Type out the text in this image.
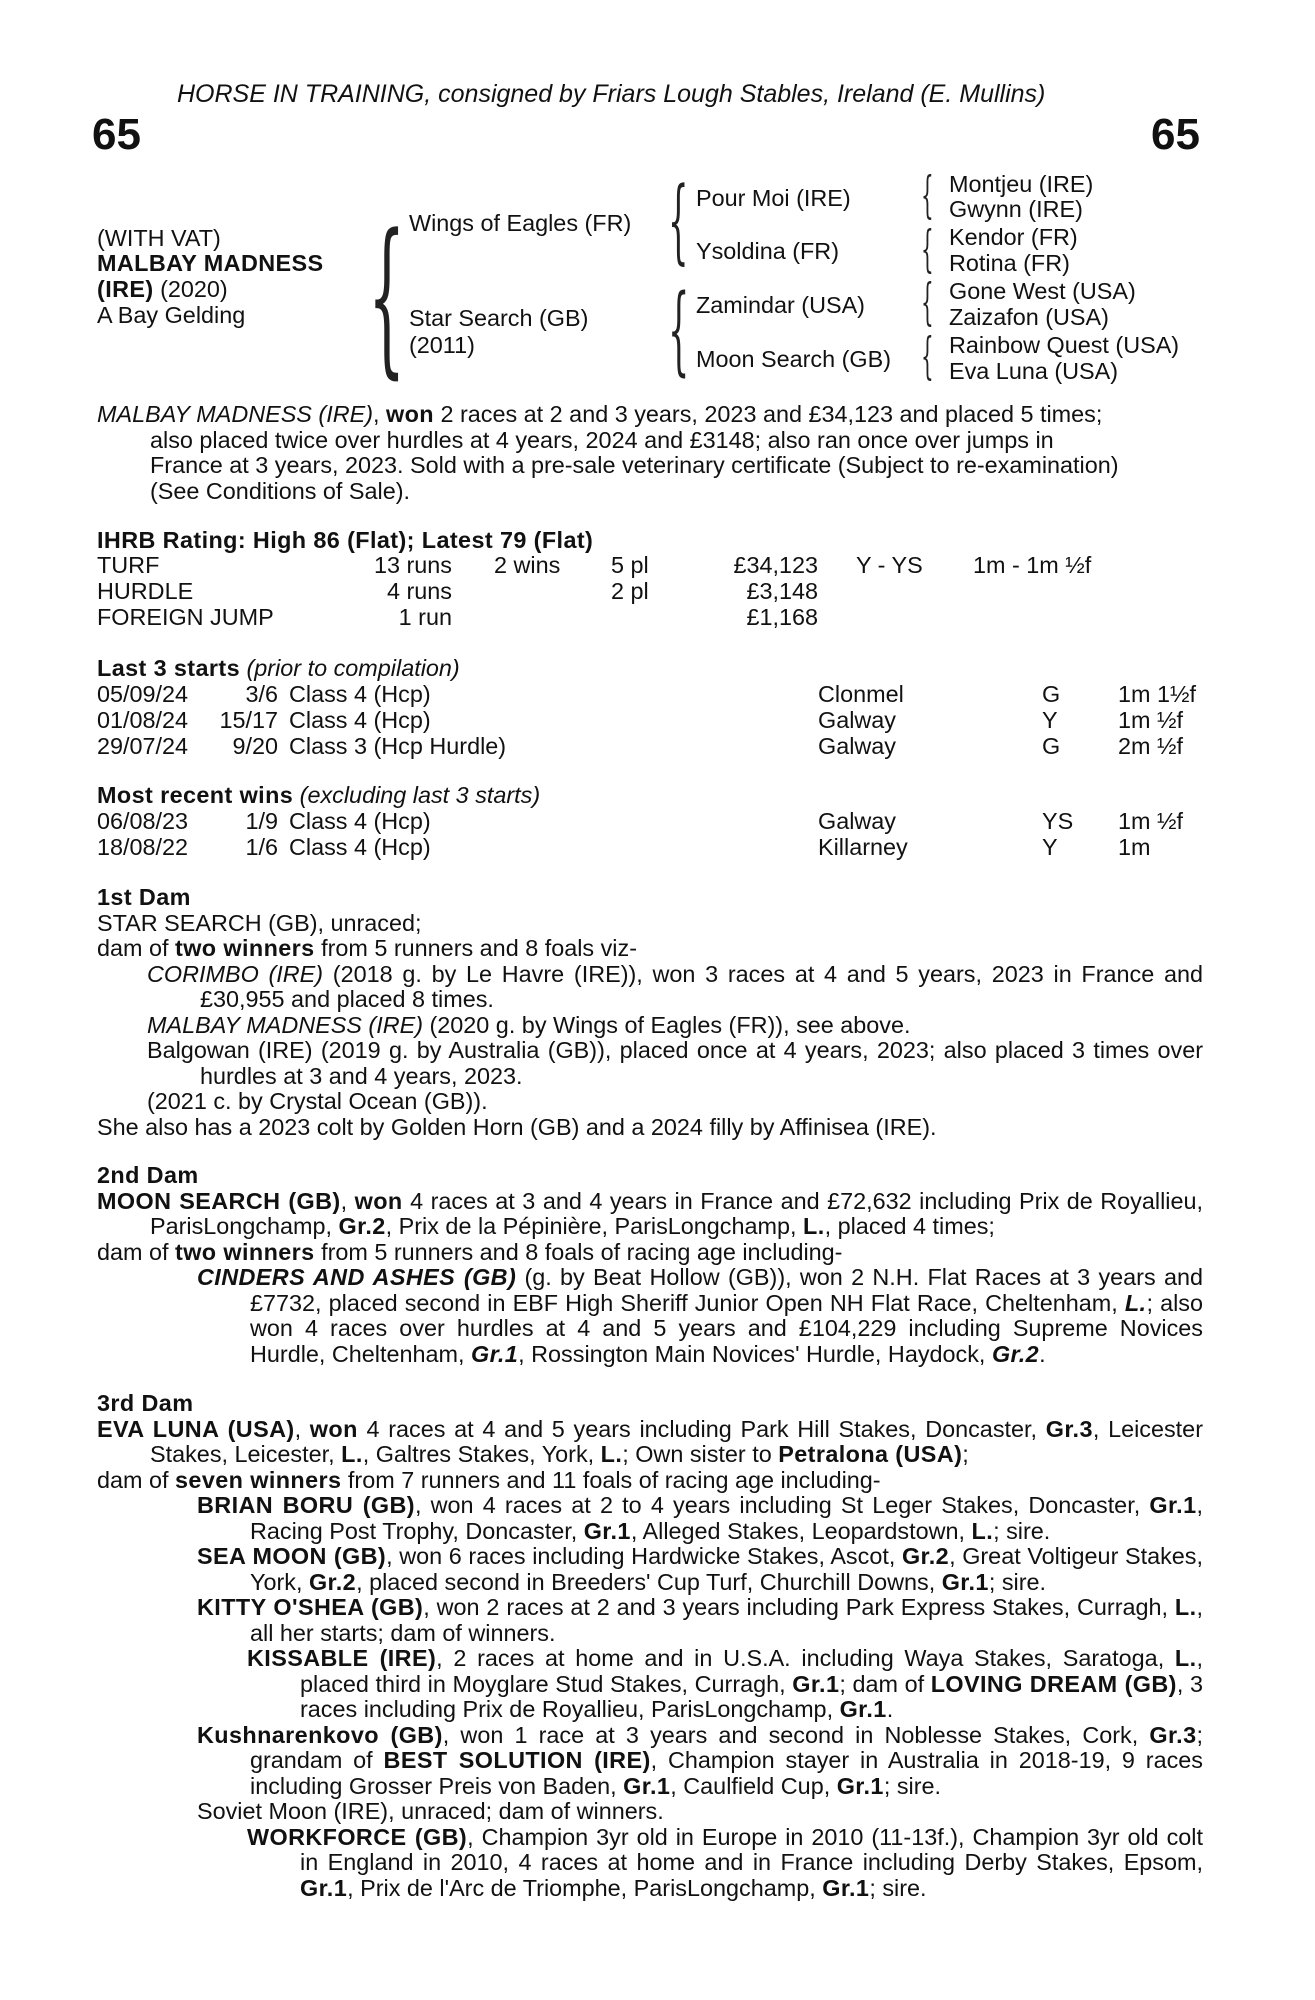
HORSE IN TRAINING, consigned by Friars Lough Stables, Ireland (E. Mullins)
65	65
(WITH VAT)
MALBAY MADNESS
(IRE) (2020)
A Bay Gelding { Wings of Eagles (FR)
Star Search (GB)
(2011)
{ Pour Moi (IRE)
Ysoldina (FR)
{ Zamindar (USA)
Moon Search (GB)
{ Montjeu (IRE)
Gwynn (IRE)
{ Kendor (FR)
Rotina (FR)
{ Gone West (USA)
Zaizafon (USA)
{ Rainbow Quest (USA)
Eva Luna (USA)
MALBAY MADNESS (IRE), won 2 races at 2 and 3 years, 2023 and £34,123 and placed 5 times;
also placed twice over hurdles at 4 years, 2024 and £3148; also ran once over jumps in
France at 3 years, 2023. Sold with a pre-sale veterinary certificate (Subject to re-examination)
(See Conditions of Sale).
IHRB Rating: High 86 (Flat); Latest 79 (Flat)
TURF	13 runs 2 wins 5 pl	£34,123 Y - YS 1m - 1m ½f
HURDLE	4 runs	2 pl	£3,148
FOREIGN JUMP	1 run	£1,168
Last 3 starts (prior to compilation)
05/09/24 3/6 Class 4 (Hcp)	Clonmel	G 1m 1½f
01/08/24 15/17 Class 4 (Hcp)	Galway	Y	1m ½f
29/07/24 9/20 Class 3 (Hcp Hurdle)	Galway	G 2m ½f
Most recent wins (excluding last 3 starts)
06/08/23 1/9 Class 4 (Hcp)	Galway	YS 1m ½f
18/08/22 1/6 Class 4 (Hcp)	Killarney	Y	1m
1st Dam
STAR SEARCH (GB), unraced;
dam of two winners from 5 runners and 8 foals viz-
CORIMBO (IRE) (2018 g. by Le Havre (IRE)), won 3 races at 4 and 5 years, 2023 in France and £30,955 and placed 8 times.
MALBAY MADNESS (IRE) (2020 g. by Wings of Eagles (FR)), see above.
Balgowan (IRE) (2019 g. by Australia (GB)), placed once at 4 years, 2023; also placed 3 times over hurdles at 3 and 4 years, 2023.
(2021 c. by Crystal Ocean (GB)).
She also has a 2023 colt by Golden Horn (GB) and a 2024 filly by Affinisea (IRE).
2nd Dam
MOON SEARCH (GB), won 4 races at 3 and 4 years in France and £72,632 including Prix de Royallieu, ParisLongchamp, Gr.2, Prix de la Pépinière, ParisLongchamp, L., placed 4 times;
dam of two winners from 5 runners and 8 foals of racing age including-
CINDERS AND ASHES (GB) (g. by Beat Hollow (GB)), won 2 N.H. Flat Races at 3 years and £7732, placed second in EBF High Sheriff Junior Open NH Flat Race, Cheltenham, L.; also won 4 races over hurdles at 4 and 5 years and £104,229 including Supreme Novices Hurdle, Cheltenham, Gr.1, Rossington Main Novices' Hurdle, Haydock, Gr.2.
3rd Dam
EVA LUNA (USA), won 4 races at 4 and 5 years including Park Hill Stakes, Doncaster, Gr.3, Leicester Stakes, Leicester, L., Galtres Stakes, York, L.; Own sister to Petralona (USA);
dam of seven winners from 7 runners and 11 foals of racing age including-
BRIAN BORU (GB), won 4 races at 2 to 4 years including St Leger Stakes, Doncaster, Gr.1, Racing Post Trophy, Doncaster, Gr.1, Alleged Stakes, Leopardstown, L.; sire.
SEA MOON (GB), won 6 races including Hardwicke Stakes, Ascot, Gr.2, Great Voltigeur Stakes, York, Gr.2, placed second in Breeders' Cup Turf, Churchill Downs, Gr.1; sire.
KITTY O'SHEA (GB), won 2 races at 2 and 3 years including Park Express Stakes, Curragh, L., all her starts; dam of winners.
KISSABLE (IRE), 2 races at home and in U.S.A. including Waya Stakes, Saratoga, L., placed third in Moyglare Stud Stakes, Curragh, Gr.1; dam of LOVING DREAM (GB), 3 races including Prix de Royallieu, ParisLongchamp, Gr.1.
Kushnarenkovo (GB), won 1 race at 3 years and second in Noblesse Stakes, Cork, Gr.3; grandam of BEST SOLUTION (IRE), Champion stayer in Australia in 2018-19, 9 races including Grosser Preis von Baden, Gr.1, Caulfield Cup, Gr.1; sire.
Soviet Moon (IRE), unraced; dam of winners.
WORKFORCE (GB), Champion 3yr old in Europe in 2010 (11-13f.), Champion 3yr old colt in England in 2010, 4 races at home and in France including Derby Stakes, Epsom, Gr.1, Prix de l'Arc de Triomphe, ParisLongchamp, Gr.1; sire.
